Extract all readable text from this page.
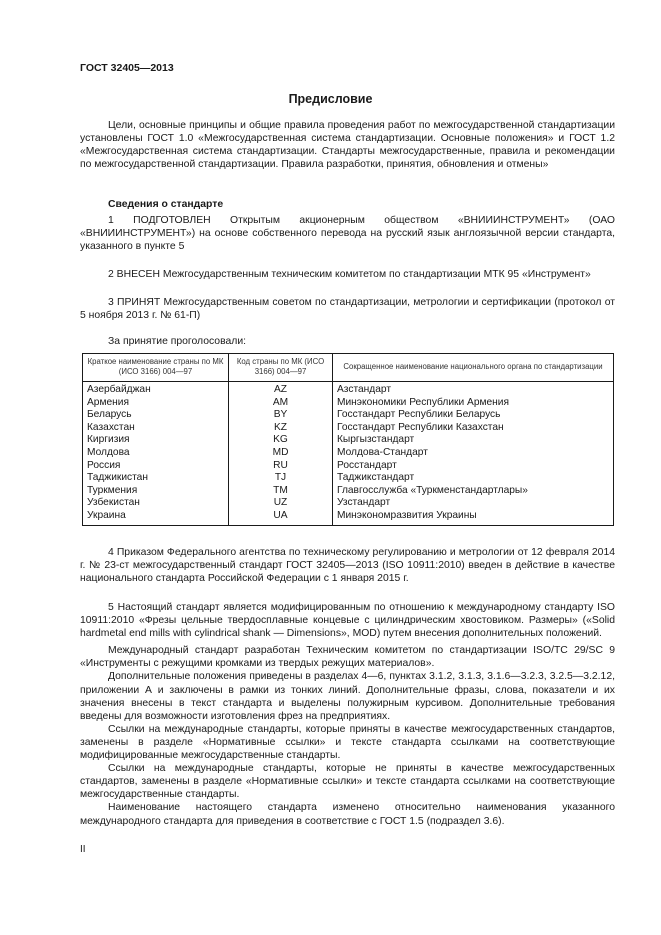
ГОСТ 32405—2013
Предисловие

Цели, основные принципы и общие правила проведения работ по межгосударственной стандартизации установлены ГОСТ 1.0 «Межгосударственная система стандартизации. Основные положения» и ГОСТ 1.2 «Межгосударственная система стандартизации. Стандарты межгосударственные, правила и рекомендации по межгосударственной стандартизации. Правила разработки, принятия, обновления и отмены»

Сведения о стандарте

1 ПОДГОТОВЛЕН Открытым акционерным обществом «ВНИИИНСТРУМЕНТ» (ОАО «ВНИИИНСТРУМЕНТ») на основе собственного перевода на русский язык англоязычной версии стандарта, указанного в пункте 5

2 ВНЕСЕН Межгосударственным техническим комитетом по стандартизации МТК 95 «Инструмент»

3 ПРИНЯТ Межгосударственным советом по стандартизации, метрологии и сертификации (протокол от 5 ноября 2013 г. № 61-П)

За принятие проголосовали:
Краткое наименование страны по МК (ИСО 3166) 004—97	Код страны по МК (ИСО 3166) 004—97	Сокращенное наименование национального органа по стандартизации
Азербайджан	AZ	Азстандарт
Армения	AM	Минэкономики Республики Армения
Беларусь	BY	Госстандарт Республики Беларусь
Казахстан	KZ	Госстандарт Республики Казахстан
Киргизия	KG	Кыргызстандарт
Молдова	MD	Молдова-Стандарт
Россия	RU	Росстандарт
Таджикистан	TJ	Таджикстандарт
Туркмения	TM	Главгосслужба «Туркменстандартлары»
Узбекистан	UZ	Узстандарт
Украина	UA	Минэкономразвития Украины

4 Приказом Федерального агентства по техническому регулированию и метрологии от 12 февраля 2014 г. № 23-ст межгосударственный стандарт ГОСТ 32405—2013 (ISO 10911:2010) введен в действие в качестве национального стандарта Российской Федерации с 1 января 2015 г.

5 Настоящий стандарт является модифицированным по отношению к международному стандарту ISO 10911:2010 «Фрезы цельные твердосплавные концевые с цилиндрическим хвостовиком. Размеры» («Solid hardmetal end mills with cylindrical shank — Dimensions», MOD) путем внесения дополнительных положений.

Международный стандарт разработан Техническим комитетом по стандартизации ISO/TC 29/SC 9 «Инструменты с режущими кромками из твердых режущих материалов».

Дополнительные положения приведены в разделах 4—6, пунктах 3.1.2, 3.1.3, 3.1.6—3.2.3, 3.2.5—3.2.12, приложении А и заключены в рамки из тонких линий. Дополнительные фразы, слова, показатели и их значения внесены в текст стандарта и выделены полужирным курсивом. Дополнительные требования введены для возможности изготовления фрез на предприятиях.

Ссылки на международные стандарты, которые приняты в качестве межгосударственных стандартов, заменены в разделе «Нормативные ссылки» и тексте стандарта ссылками на соответствующие модифицированные межгосударственные стандарты.

Ссылки на международные стандарты, которые не приняты в качестве межгосударственных стандартов, заменены в разделе «Нормативные ссылки» и тексте стандарта ссылками на соответствующие межгосударственные стандарты.

Наименование настоящего стандарта изменено относительно наименования указанного международного стандарта для приведения в соответствие с ГОСТ 1.5 (подраздел 3.6).

II
